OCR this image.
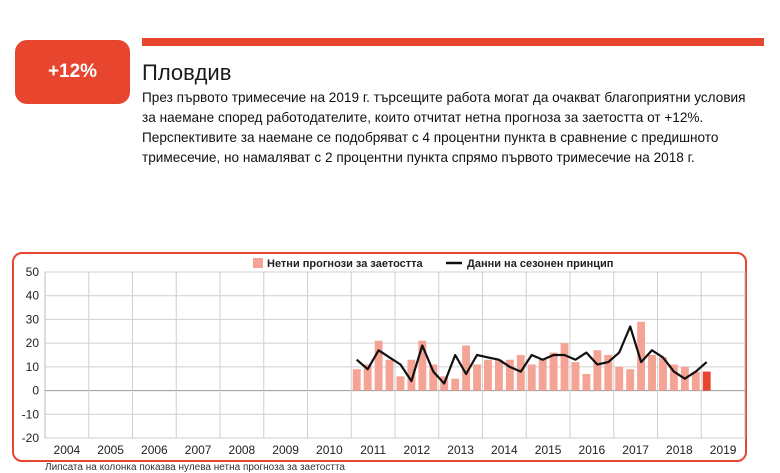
+12% Пловдив
През първото тримесечие на 2019 г. търсещите работа могат да очакват благоприятни условия за наемане според работодателите, които отчитат нетна прогноза за заетостта от +12%. Перспективите за наемане се подобряват с 4 процентни пункта в сравнение с предишното тримесечие, но намаляват с 2 процентни пункта спрямо първото тримесечие на 2018 г.
50
40
30
20
10
0
-10
-20
2004 2005 2006 2007 2008 2009 2010 2011 2012 2013 2014 2015 2016 2017 2018 2019
Нетни прогнози за заетостта	Данни на сезонен принцип
Липсата на колонка показва нулева нетна прогноза за заетостта
